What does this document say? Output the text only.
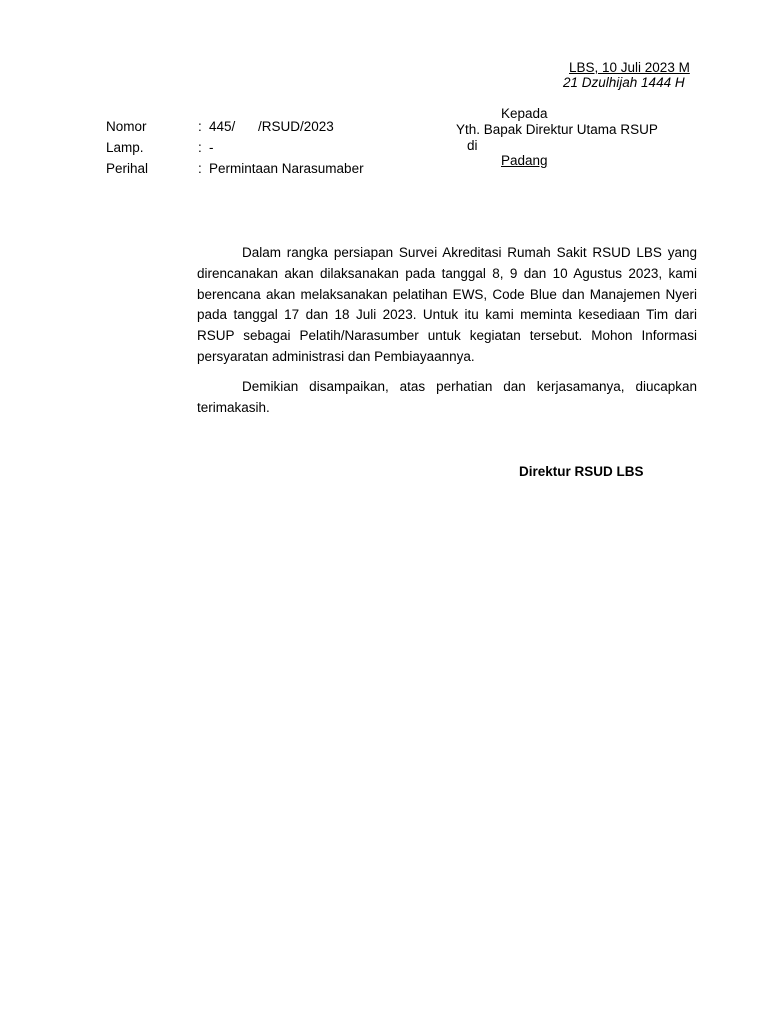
LBS, 10 Juli 2023 M
21 Dzulhijah 1444 H
Nomor	: 445/ /RSUD/2023
Lamp.	: -
Perihal	: Permintaan Narasumaber
Kepada
Yth. Bapak Direktur Utama RSUP
di
Padang
Dalam rangka persiapan Survei Akreditasi Rumah Sakit RSUD LBS yang direncanakan akan dilaksanakan pada tanggal 8, 9 dan 10 Agustus 2023, kami berencana akan melaksanakan pelatihan EWS, Code Blue dan Manajemen Nyeri pada tanggal 17 dan 18 Juli 2023. Untuk itu kami meminta kesediaan Tim dari RSUP sebagai Pelatih/Narasumber untuk kegiatan tersebut. Mohon Informasi persyaratan administrasi dan Pembiayaannya.
Demikian disampaikan, atas perhatian dan kerjasamanya, diucapkan terimakasih.
Direktur RSUD LBS
